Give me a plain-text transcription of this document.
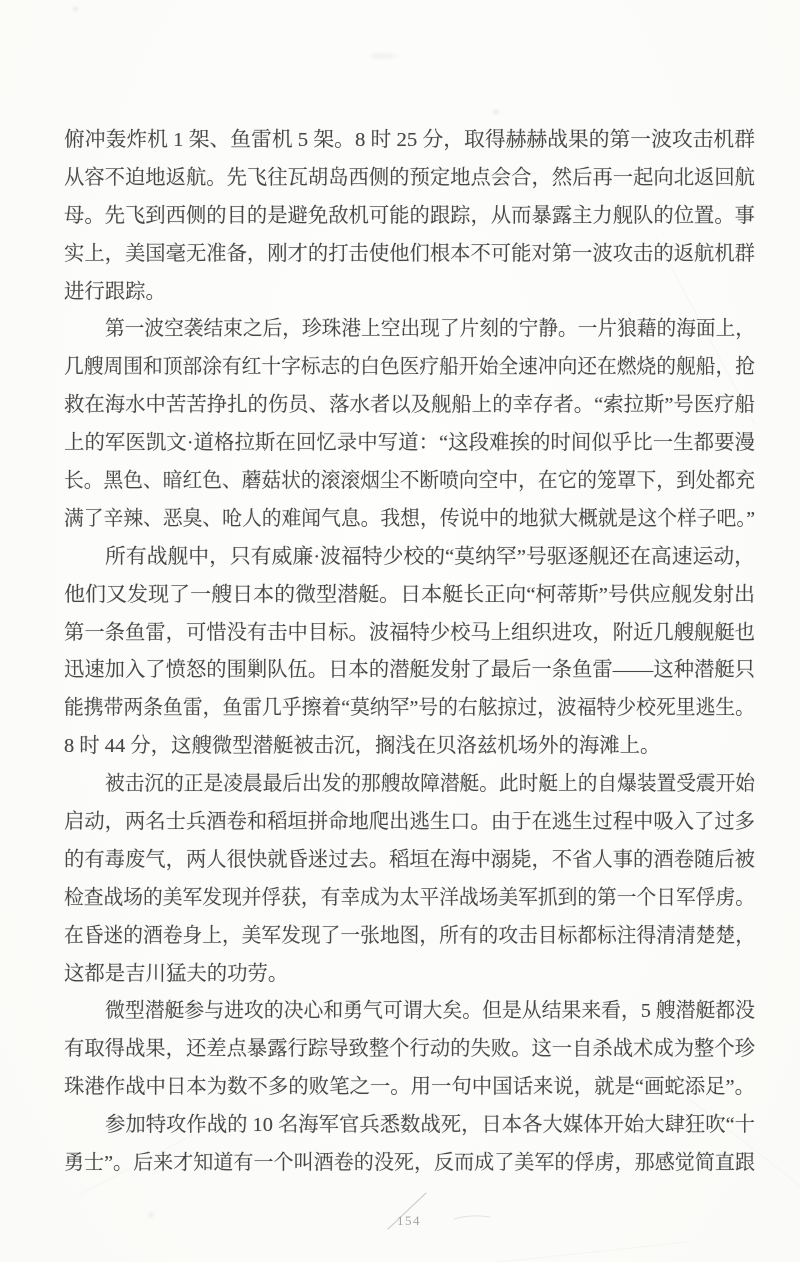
俯冲轰炸机 1 架、鱼雷机 5 架。8 时 25 分，取得赫赫战果的第一波攻击机群
从容不迫地返航。先飞往瓦胡岛西侧的预定地点会合，然后再一起向北返回航
母。先飞到西侧的目的是避免敌机可能的跟踪，从而暴露主力舰队的位置。事
实上，美国毫无准备，刚才的打击使他们根本不可能对第一波攻击的返航机群
进行跟踪。
第一波空袭结束之后，珍珠港上空出现了片刻的宁静。一片狼藉的海面上，
几艘周围和顶部涂有红十字标志的白色医疗船开始全速冲向还在燃烧的舰船，抢
救在海水中苦苦挣扎的伤员、落水者以及舰船上的幸存者。“索拉斯”号医疗船
上的军医凯文·道格拉斯在回忆录中写道：“这段难挨的时间似乎比一生都要漫
长。黑色、暗红色、蘑菇状的滚滚烟尘不断喷向空中，在它的笼罩下，到处都充
满了辛辣、恶臭、呛人的难闻气息。我想，传说中的地狱大概就是这个样子吧。”
所有战舰中，只有威廉·波福特少校的“莫纳罕”号驱逐舰还在高速运动，
他们又发现了一艘日本的微型潜艇。日本艇长正向“柯蒂斯”号供应舰发射出
第一条鱼雷，可惜没有击中目标。波福特少校马上组织进攻，附近几艘舰艇也
迅速加入了愤怒的围剿队伍。日本的潜艇发射了最后一条鱼雷——这种潜艇只
能携带两条鱼雷，鱼雷几乎擦着“莫纳罕”号的右舷掠过，波福特少校死里逃生。
8 时 44 分，这艘微型潜艇被击沉，搁浅在贝洛兹机场外的海滩上。
被击沉的正是凌晨最后出发的那艘故障潜艇。此时艇上的自爆装置受震开始
启动，两名士兵酒卷和稻垣拼命地爬出逃生口。由于在逃生过程中吸入了过多
的有毒废气，两人很快就昏迷过去。稻垣在海中溺毙，不省人事的酒卷随后被
检查战场的美军发现并俘获，有幸成为太平洋战场美军抓到的第一个日军俘虏。
在昏迷的酒卷身上，美军发现了一张地图，所有的攻击目标都标注得清清楚楚，
这都是吉川猛夫的功劳。
微型潜艇参与进攻的决心和勇气可谓大矣。但是从结果来看，5 艘潜艇都没
有取得战果，还差点暴露行踪导致整个行动的失败。这一自杀战术成为整个珍
珠港作战中日本为数不多的败笔之一。用一句中国话来说，就是“画蛇添足”。
参加特攻作战的 10 名海军官兵悉数战死，日本各大媒体开始大肆狂吹“十
勇士”。后来才知道有一个叫酒卷的没死，反而成了美军的俘虏，那感觉简直跟
154
